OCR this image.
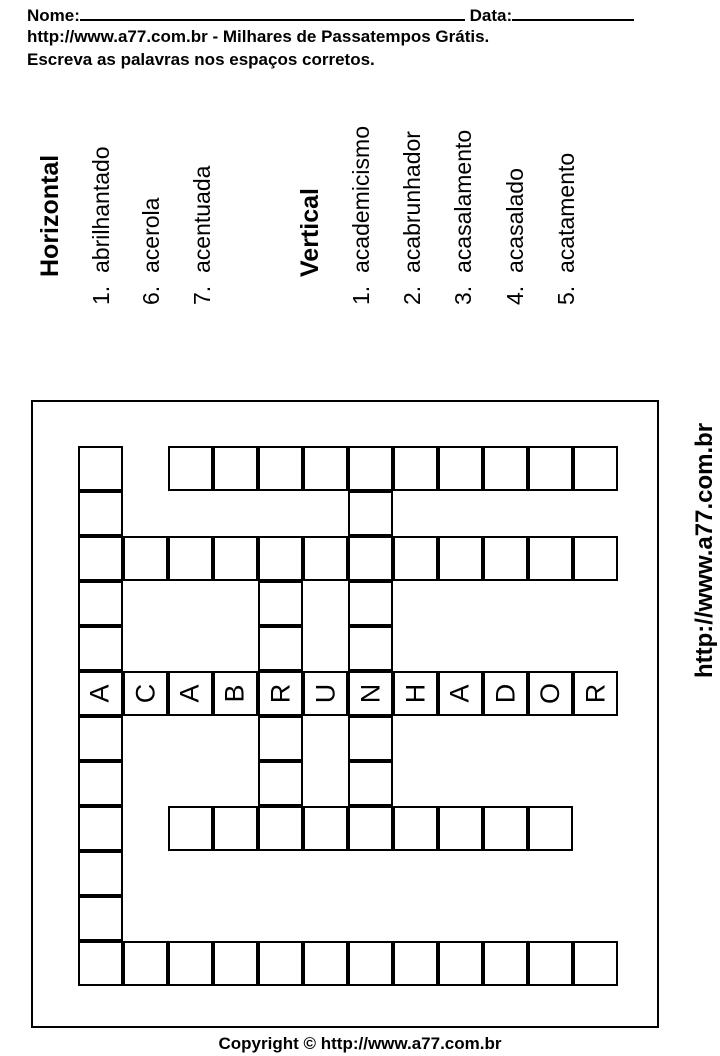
Nome:	Data:
http://www.a77.com.br - Milhares de Passatempos Grátis.
Escreva as palavras nos espaços corretos.
Horizontal
1.abrilhantado
6.acerola
7.acentuada	Vertical
1.academicismo
2.acabrunhador
3.acasalamento
4.acasalado
5.acatamento
A C A B R U N H A D O R
http://www.a77.com.br
Copyright © http://www.a77.com.br
